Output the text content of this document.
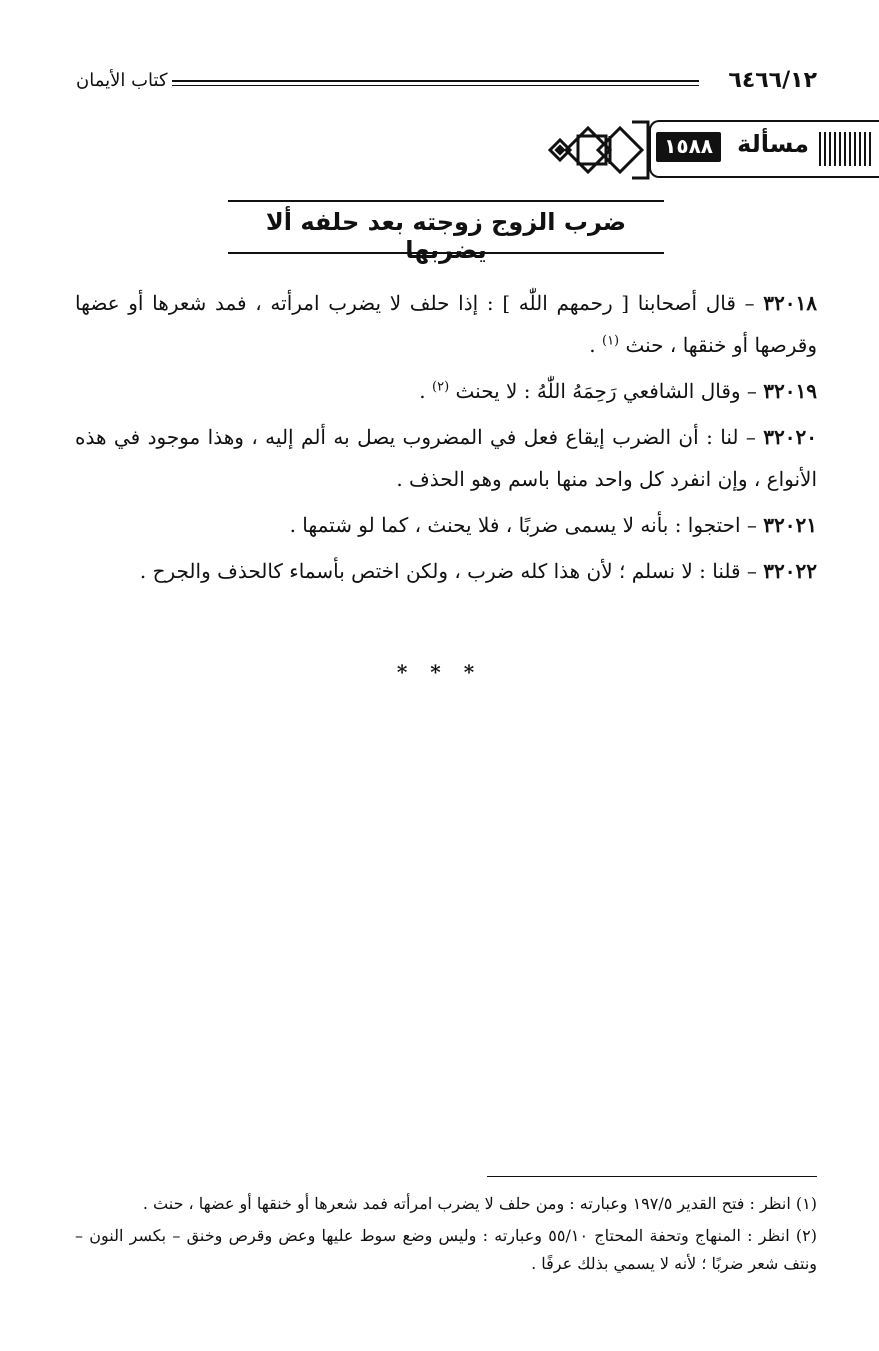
٦٤٦٦/١٢
كتاب الأيمان
مسألة
١٥٨٨
ضرب الزوج زوجته بعد حلفه ألا يضربها

٣٢٠١٨ – قال أصحابنا [ رحمهم اللّٰه ] : إذا حلف لا يضرب امرأته ، فمد شعرها أو عضها وقرصها أو خنقها ، حنث $^{(١)}$ .

٣٢٠١٩ – وقال الشافعي رَحِمَهُ اللّٰهُ : لا يحنث $^{(٢)}$ .

٣٢٠٢٠ – لنا : أن الضرب إيقاع فعل في المضروب يصل به ألم إليه ، وهذا موجود في هذه الأنواع ، وإن انفرد كل واحد منها باسم وهو الحذف .

٣٢٠٢١ – احتجوا : بأنه لا يسمى ضربًا ، فلا يحنث ، كما لو شتمها .

٣٢٠٢٢ – قلنا : لا نسلم ؛ لأن هذا كله ضرب ، ولكن اختص بأسماء كالحذف والجرح .

* * *

(١) انظر : فتح القدير ١٩٧/٥ وعبارته : ومن حلف لا يضرب امرأته فمد شعرها أو خنقها أو عضها ، حنث .

(٢) انظر : المنهاج وتحفة المحتاج ٥٥/١٠ وعبارته : وليس وضع سوط عليها وعض وقرص وخنق – بكسر النون – ونتف شعر ضربًا ؛ لأنه لا يسمي بذلك عرفًا .
